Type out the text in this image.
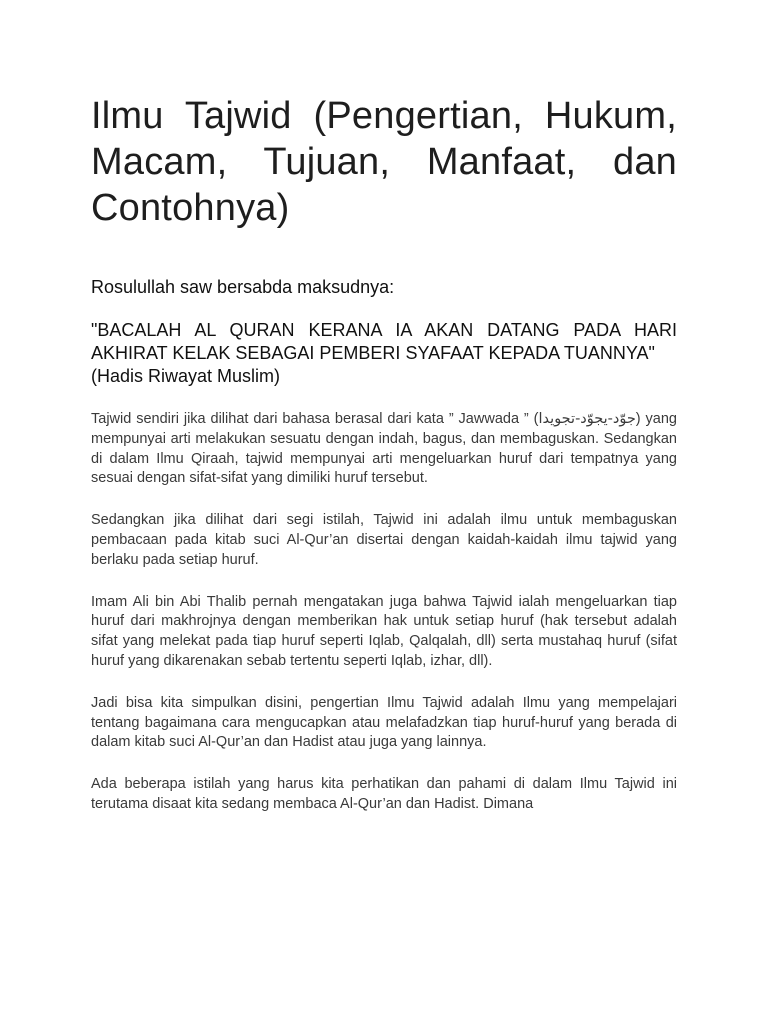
Ilmu Tajwid (Pengertian, Hukum, Macam, Tujuan, Manfaat, dan Contohnya)
Rosulullah saw bersabda maksudnya:
"BACALAH AL QURAN KERANA IA AKAN DATANG PADA HARI AKHIRAT KELAK SEBAGAI PEMBERI SYAFAAT KEPADA TUANNYA"
(Hadis Riwayat Muslim)

Tajwid sendiri jika dilihat dari bahasa berasal dari kata ” Jawwada ” (جوّد-يجوّد-تجويدا) yang mempunyai arti melakukan sesuatu dengan indah, bagus, dan membaguskan. Sedangkan di dalam Ilmu Qiraah, tajwid mempunyai arti mengeluarkan huruf dari tempatnya yang sesuai dengan sifat-sifat yang dimiliki huruf tersebut.

Sedangkan jika dilihat dari segi istilah, Tajwid ini adalah ilmu untuk membaguskan pembacaan pada kitab suci Al-Qur’an disertai dengan kaidah-kaidah ilmu tajwid yang berlaku pada setiap huruf.

Imam Ali bin Abi Thalib pernah mengatakan juga bahwa Tajwid ialah mengeluarkan tiap huruf dari makhrojnya dengan memberikan hak untuk setiap huruf (hak tersebut adalah sifat yang melekat pada tiap huruf seperti Iqlab, Qalqalah, dll) serta mustahaq huruf (sifat huruf yang dikarenakan sebab tertentu seperti Iqlab, izhar, dll).

Jadi bisa kita simpulkan disini, pengertian Ilmu Tajwid adalah Ilmu yang mempelajari tentang bagaimana cara mengucapkan atau melafadzkan tiap huruf-huruf yang berada di dalam kitab suci Al-Qur’an dan Hadist atau juga yang lainnya.

Ada beberapa istilah yang harus kita perhatikan dan pahami di dalam Ilmu Tajwid ini terutama disaat kita sedang membaca Al-Qur’an dan Hadist. Dimana
